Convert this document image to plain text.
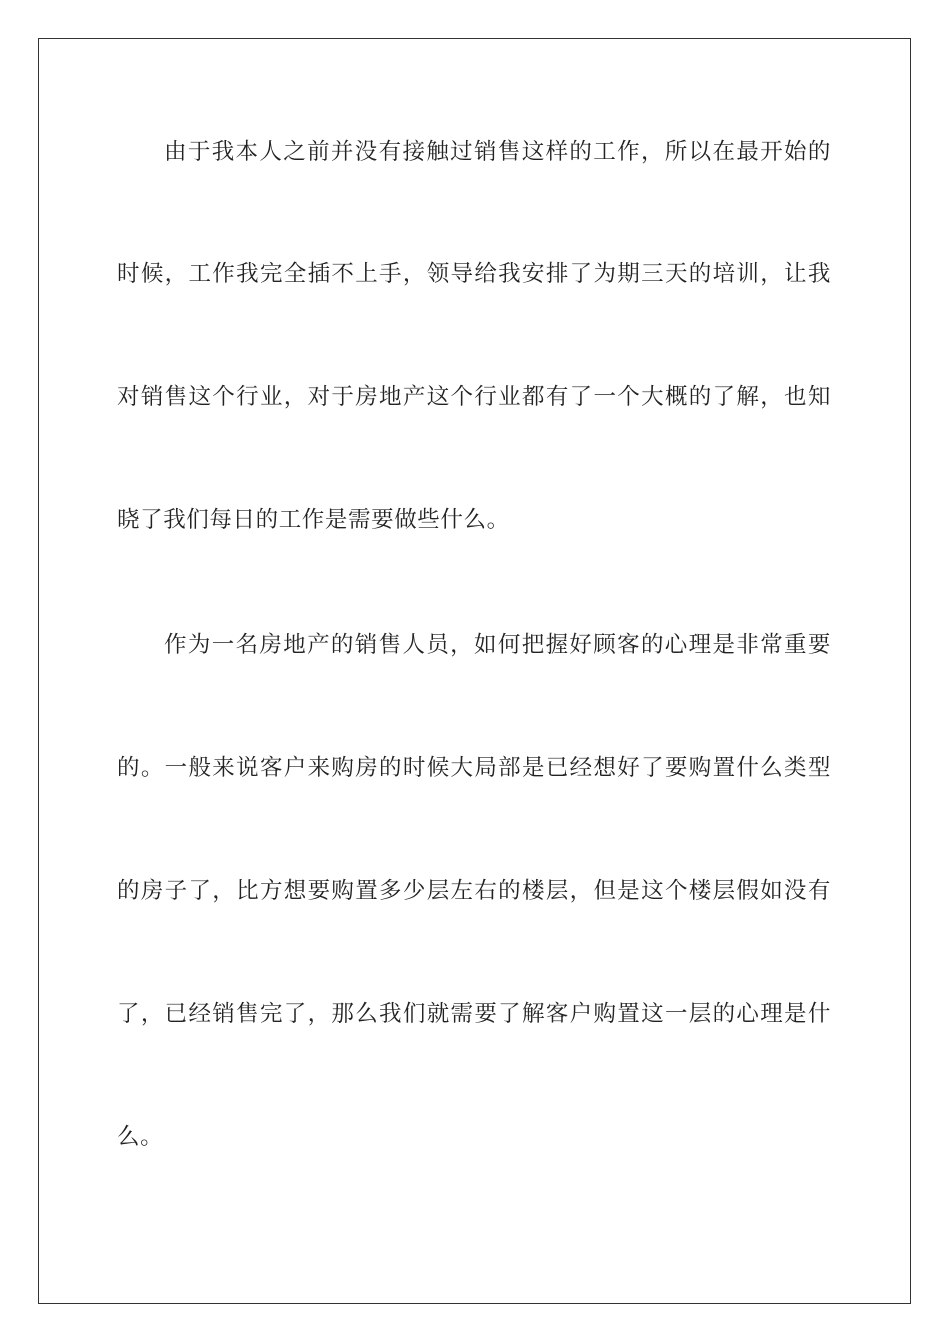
由于我本人之前并没有接触过销售这样的工作，所以在最开始的
时候，工作我完全插不上手，领导给我安排了为期三天的培训，让我
对销售这个行业，对于房地产这个行业都有了一个大概的了解，也知
晓了我们每日的工作是需要做些什么。
作为一名房地产的销售人员，如何把握好顾客的心理是非常重要
的。一般来说客户来购房的时候大局部是已经想好了要购置什么类型
的房子了，比方想要购置多少层左右的楼层，但是这个楼层假如没有
了，已经销售完了，那么我们就需要了解客户购置这一层的心理是什
么。
